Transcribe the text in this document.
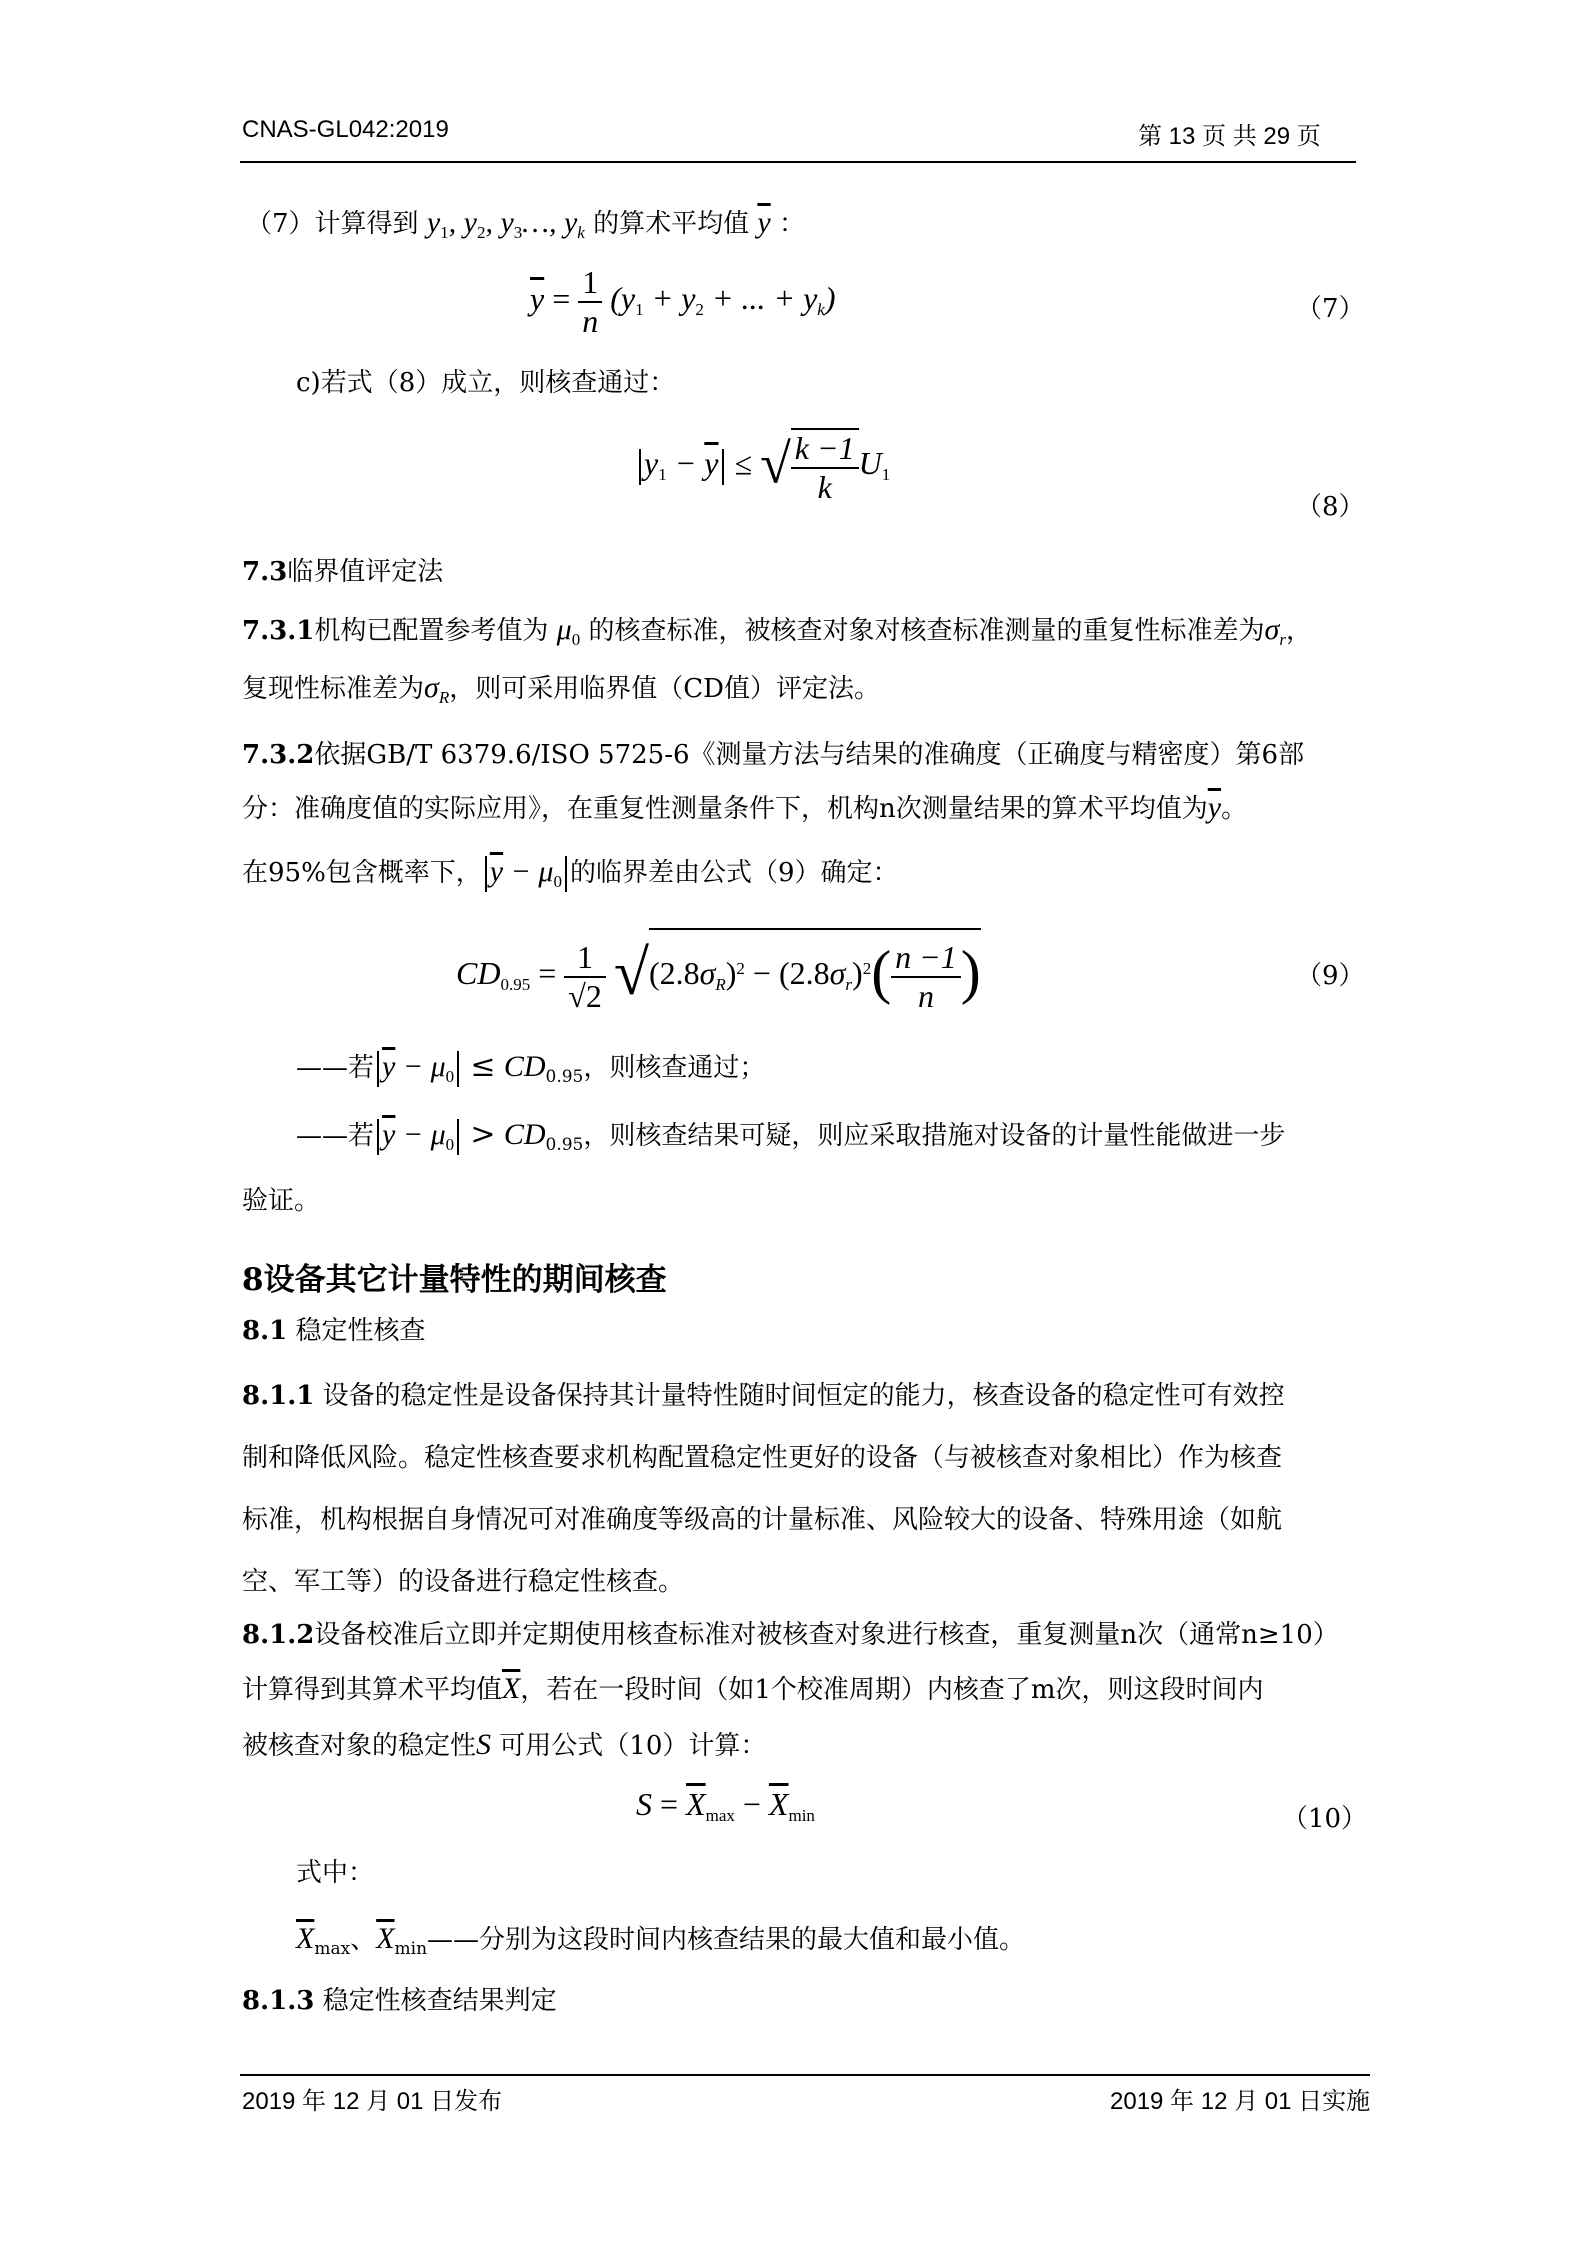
CNAS-GL042:2019	第 13 页 共 29 页
（7）计算得到 $y_1$, $y_2$, $y_3\dots$, $y_k$ 的算术平均值 $\overline{y}$ ：
$\overline{y} = \frac{1}{n} (y_1 + y_2$ + ... + yk)	（7）
c)若式（8）成立，则核查通过：
$y_1 - \overline{y}$ ≤ √ $\frac{k -1}{k} U_1$
（8）
7.3临界值评定法
7.3.1机构已配置参考值为 $\mu_0$ 的核查标准，被核查对象对核查标准测量的重复性标准差为$\sigma_r$，
复现性标准差为$\sigma_R$，则可采用临界值（CD值）评定法。
7.3.2依据GB/T 6379.6/ISO 5725-6《测量方法与结果的准确度（正确度与精密度）第6部
分：准确度值的实际应用》，在重复性测量条件下，机构n次测量结果的算术平均值为$\overline{y}$。
在95%包含概率下， $\overline{y} - \mu_0$ 的临界差由公式（9）确定：
$CD_{0.95} = \frac{1}{√2} √(2.8\sigma R)^2 - (2.8\sigma r)^2( \frac{n -1}{n}$ )	（9）
——若 $\overline{y} - \mu_0 \le CD_{0.95}$，则核查通过；
——若 $\overline{y} - \mu_0 > CD_{0.95}$，则核查结果可疑，则应采取措施对设备的计量性能做进一步
验证。
8设备其它计量特性的期间核查
8.1 稳定性核查
8.1.1 设备的稳定性是设备保持其计量特性随时间恒定的能力，核查设备的稳定性可有效控
制和降低风险。稳定性核查要求机构配置稳定性更好的设备（与被核查对象相比）作为核查
标准，机构根据自身情况可对准确度等级高的计量标准、风险较大的设备、特殊用途（如航
空、军工等）的设备进行稳定性核查。
8.1.2设备校准后立即并定期使用核查标准对被核查对象进行核查，重复测量n次（通常n≥10）
计算得到其算术平均值$\overline{X}$，若在一段时间（如1个校准周期）内核查了m次，则这段时间内
被核查对象的稳定性S 可用公式（10）计算：
$S = \overline{X}_{max} - \overline{X}_{min}$	（10）
式中：
$\overline{X}_{max}$、$\overline{X}_{min}——$分别为这段时间内核查结果的最大值和最小值。
8.1.3 稳定性核查结果判定
2019 年 12 月 01 日发布	2019 年 12 月 01 日实施
